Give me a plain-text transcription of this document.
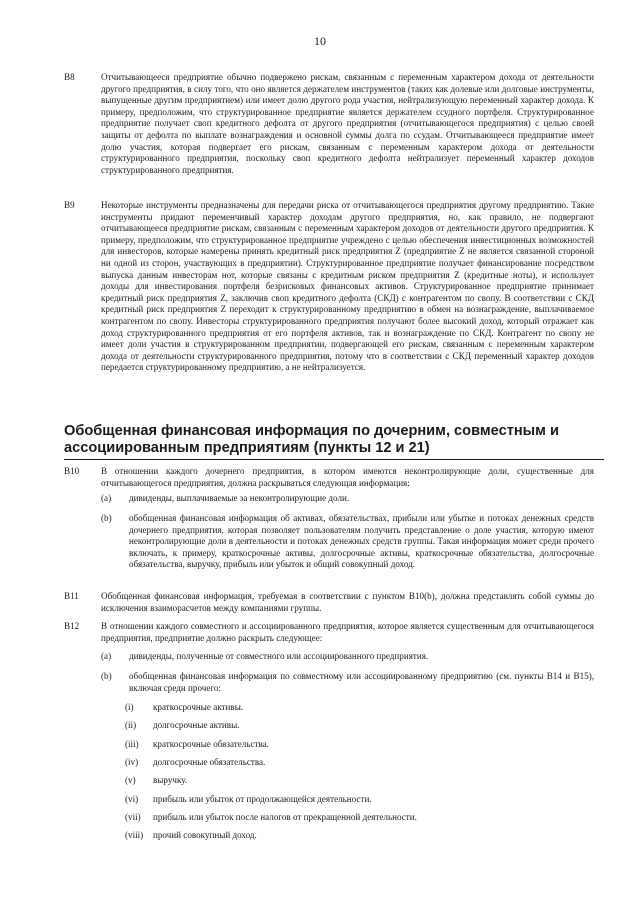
10
B8	Отчитывающееся предприятие обычно подвержено рискам, связанным с переменным характером дохода от деятельности другого предприятия, в силу того, что оно является держателем инструментов (таких как долевые или долговые инструменты, выпущенные другим предприятием) или имеет долю другого рода участия, нейтрализующую переменный характер дохода. К примеру, предположим, что структурированное предприятие является держателем ссудного портфеля. Структурированное предприятие получает своп кредитного дефолта от другого предприятия (отчитывающегося предприятия) с целью своей защиты от дефолта по выплате вознаграждения и основной суммы долга по ссудам. Отчитывающееся предприятие имеет долю участия, которая подвергает его рискам, связанным с переменным характером дохода от деятельности структурированного предприятия, поскольку своп кредитного дефолта нейтрализует переменный характер доходов структурированного предприятия.
B9	Некоторые инструменты предназначены для передачи риска от отчитывающегося предприятия другому предприятию. Такие инструменты придают переменчивый характер доходам другого предприятия, но, как правило, не подвергают отчитывающееся предприятие рискам, связанным с переменным характером доходов от деятельности другого предприятия. К примеру, предположим, что структурированное предприятие учреждено с целью обеспечения инвестиционных возможностей для инвесторов, которые намерены принять кредитный риск предприятия Z (предприятие Z не является связанной стороной ни одной из сторон, участвующих в предприятии). Структурированное предприятие получает финансирование посредством выпуска данным инвесторам нот, которые связаны с кредитным риском предприятия Z (кредитные ноты), и использует доходы для инвестирования портфеля безрисковых финансовых активов. Структурированное предприятие принимает кредитный риск предприятия Z, заключив своп кредитного дефолта (СКД) с контрагентом по свопу. В соответствии с СКД кредитный риск предприятия Z переходит к структурированному предприятию в обмен на вознаграждение, выплачиваемое контрагентом по свопу. Инвесторы структурированного предприятия получают более высокий доход, который отражает как доход структурированного предприятия от его портфеля активов, так и вознаграждение по СКД. Контрагент по свопу не имеет доли участия в структурированном предприятии, подвергающей его рискам, связанным с переменным характером дохода от деятельности структурированного предприятия, потому что в соответствии с СКД переменный характер доходов передается структурированному предприятию, а не нейтрализуется.
Обобщенная финансовая информация по дочерним, совместным и ассоциированным предприятиям (пункты 12 и 21)
B10	В отношении каждого дочернего предприятия, в котором имеются неконтролирующие доли, существенные для отчитывающегося предприятия, должна раскрываться следующая информация:
(a)	дивиденды, выплачиваемые за неконтролирующие доли.
(b)	обобщенная финансовая информация об активах, обязательствах, прибыли или убытке и потоках денежных средств дочернего предприятия, которая позволяет пользователям получить представление о доле участия, которую имеют неконтролирующие доли в деятельности и потоках денежных средств группы. Такая информация может среди прочего включать, к примеру, краткосрочные активы, долгосрочные активы, краткосрочные обязательства, долгосрочные обязательства, выручку, прибыль или убыток и общий совокупный доход.
B11	Обобщенная финансовая информация, требуемая в соответствии с пунктом B10(b), должна представлять собой суммы до исключения взаиморасчетов между компаниями группы.
B12	В отношении каждого совместного и ассоциированного предприятия, которое является существенным для отчитывающегося предприятия, предприятие должно раскрыть следующее:
(a)	дивиденды, полученные от совместного или ассоциированного предприятия.
(b)	обобщенная финансовая информация по совместному или ассоциированному предприятию (см. пункты B14 и B15), включая среди прочего:
(i)	краткосрочные активы.
(ii)	долгосрочные активы.
(iii)	краткосрочные обязательства.
(iv)	долгосрочные обязательства.
(v)	выручку.
(vi)	прибыль или убыток от продолжающейся деятельности.
(vii)	прибыль или убыток после налогов от прекращенной деятельности.
(viii)	прочий совокупный доход.
